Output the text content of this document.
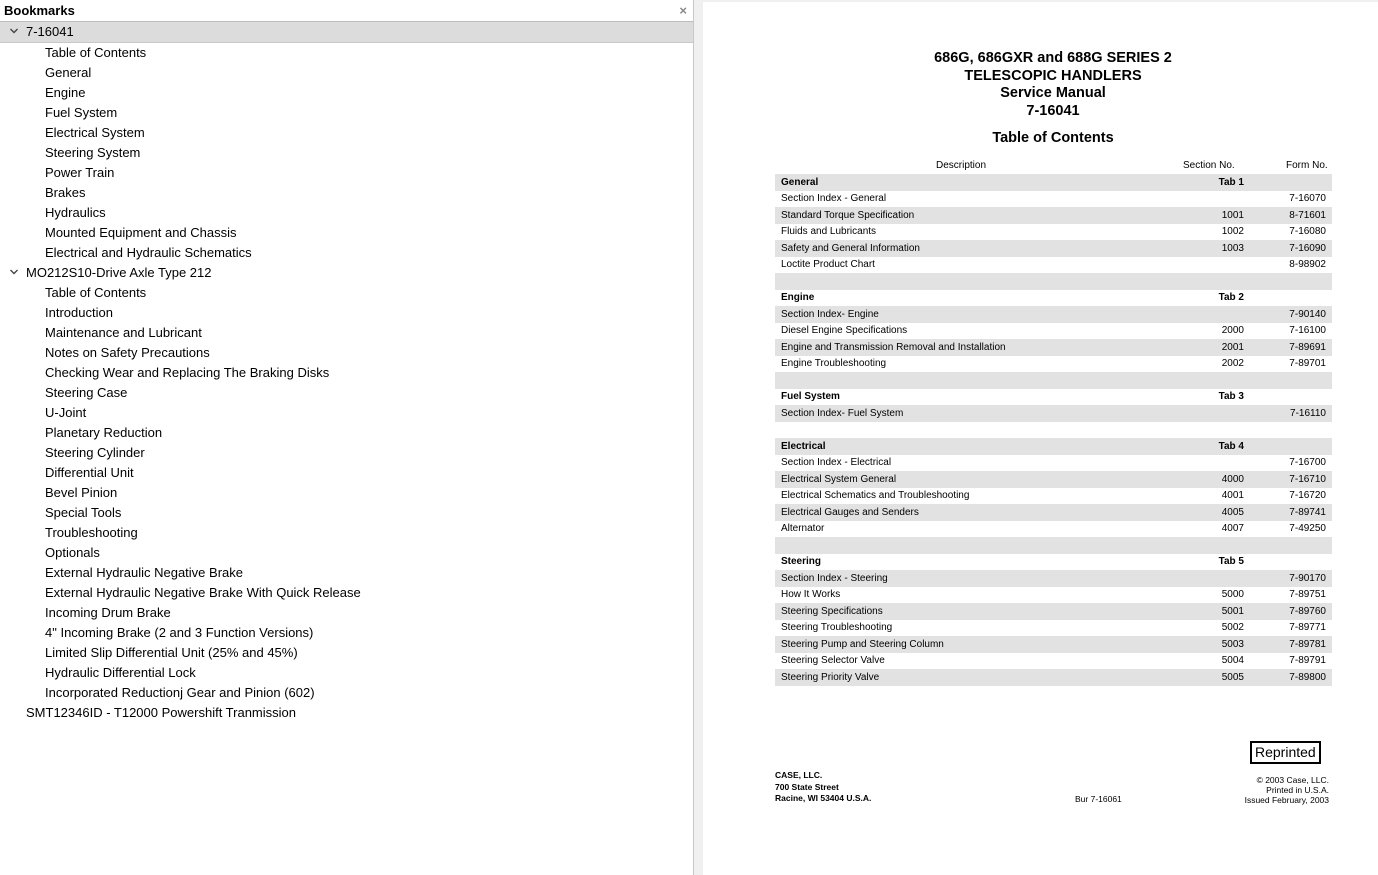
Bookmarks	×
7-16041
Table of Contents
General
Engine
Fuel System
Electrical System
Steering System
Power Train
Brakes
Hydraulics
Mounted Equipment and Chassis
Electrical and Hydraulic Schematics
MO212S10-Drive Axle Type 212
Table of Contents
Introduction
Maintenance and Lubricant
Notes on Safety Precautions
Checking Wear and Replacing The Braking Disks
Steering Case
U-Joint
Planetary Reduction
Steering Cylinder
Differential Unit
Bevel Pinion
Special Tools
Troubleshooting
Optionals
External Hydraulic Negative Brake
External Hydraulic Negative Brake With Quick Release
Incoming Drum Brake
4" Incoming Brake (2 and 3 Function Versions)
Limited Slip Differential Unit (25% and 45%)
Hydraulic Differential Lock
Incorporated Reductionj Gear and Pinion (602)
SMT12346ID - T12000 Powershift Tranmission
686G, 686GXR and 688G SERIES 2
TELESCOPIC HANDLERS
Service Manual
7-16041
Table of Contents
Description	Section No.	Form No.
General	Tab 1	
Section Index - General		7-16070
Standard Torque Specification	1001	8-71601
Fluids and Lubricants	1002	7-16080
Safety and General Information	1003	7-16090
Loctite Product Chart		8-98902

Engine	Tab 2	
Section Index- Engine		7-90140
Diesel Engine Specifications	2000	7-16100
Engine and Transmission Removal and Installation	2001	7-89691
Engine Troubleshooting	2002	7-89701

Fuel System	Tab 3	
Section Index- Fuel System		7-16110

Electrical	Tab 4	
Section Index - Electrical		7-16700
Electrical System General	4000	7-16710
Electrical Schematics and Troubleshooting	4001	7-16720
Electrical Gauges and Senders	4005	7-89741
Alternator	4007	7-49250

Steering	Tab 5	
Section Index - Steering		7-90170
How It Works	5000	7-89751
Steering Specifications	5001	7-89760
Steering Troubleshooting	5002	7-89771
Steering Pump and Steering Column	5003	7-89781
Steering Selector Valve	5004	7-89791
Steering Priority Valve	5005	7-89800
Reprinted
CASE, LLC.
700 State Street
Racine, WI 53404 U.S.A.	Bur 7-16061
© 2003 Case, LLC.
Printed in U.S.A.
Issued February, 2003
